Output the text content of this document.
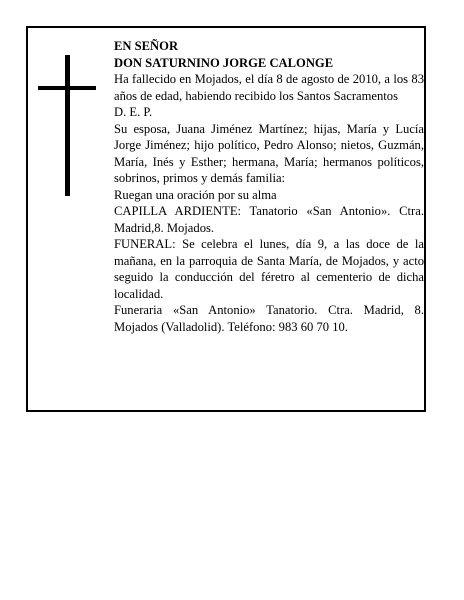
EN SEÑOR

DON SATURNINO JORGE CALONGE

Ha fallecido en Mojados, el día 8 de agosto de 2010, a los 83 años de edad, habiendo recibido los Santos Sacramentos

D. E. P.

Su esposa, Juana Jiménez Martínez; hijas, María y Lucía Jorge Jiménez; hijo político, Pedro Alonso; nietos, Guzmán, María, Inés y Esther; hermana, María; hermanos políticos, sobrinos, primos y demás familia:

Ruegan una oración por su alma

CAPILLA ARDIENTE: Tanatorio «San Antonio». Ctra. Madrid,8. Mojados.

FUNERAL: Se celebra el lunes, día 9, a las doce de la mañana, en la parroquia de Santa María, de Mojados, y acto seguido la conducción del féretro al cementerio de dicha localidad.

Funeraria «San Antonio» Tanatorio. Ctra. Madrid, 8. Mojados (Valladolid). Teléfono: 983 60 70 10.
